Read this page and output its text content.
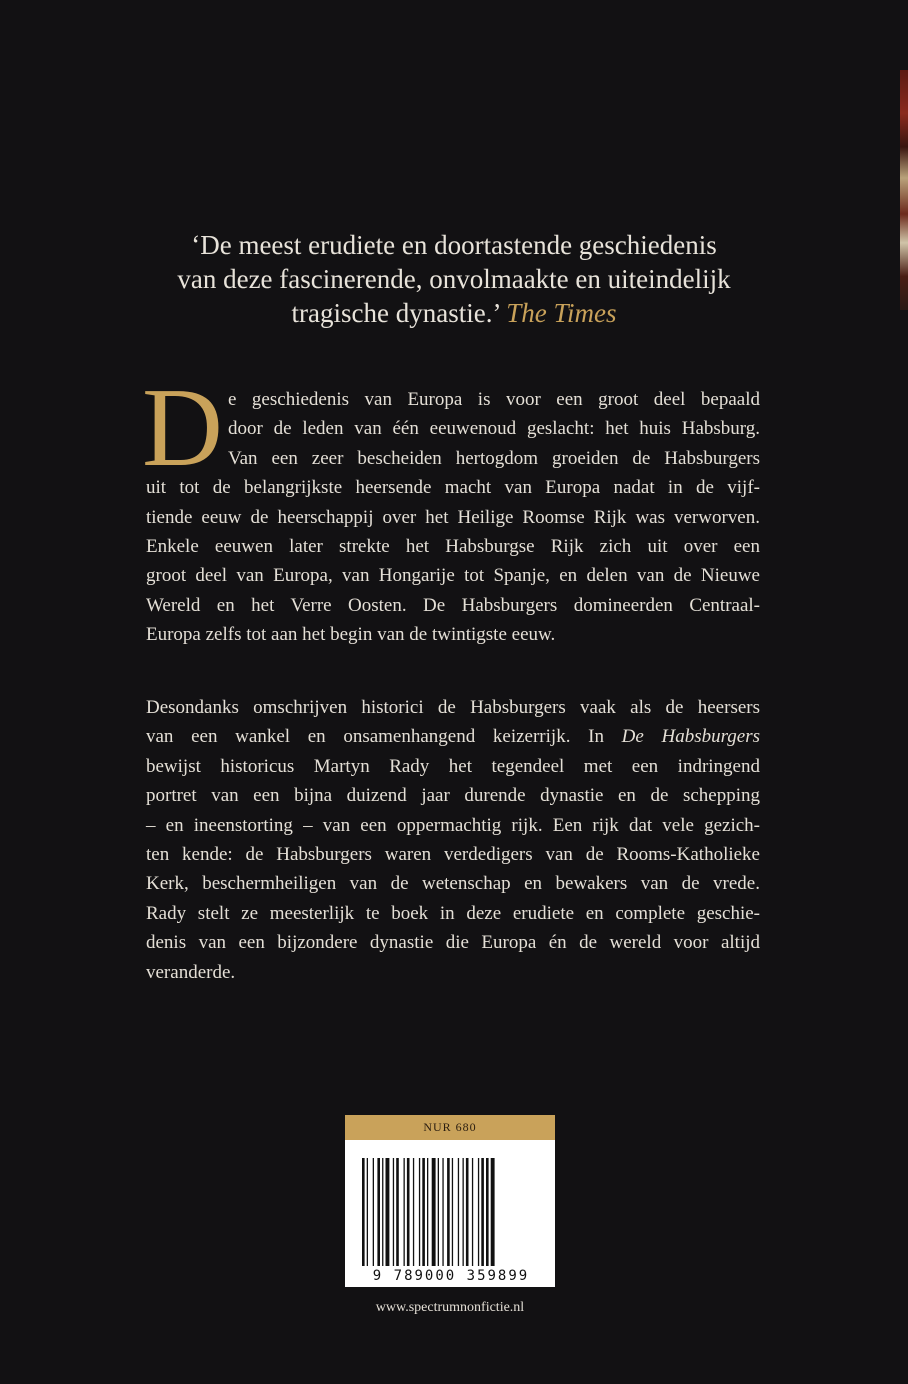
‘De meest erudiete en doortastende geschiedenis
van deze fascinerende, onvolmaakte en uiteindelijk
tragische dynastie.’ The Times
D e geschiedenis van Europa is voor een groot deel bepaald
door de leden van één eeuwenoud geslacht: het huis Habsburg.
Van een zeer bescheiden hertogdom groeiden de Habsburgers
uit tot de belangrijkste heersende macht van Europa nadat in de vijf-
tiende eeuw de heerschappij over het Heilige Roomse Rijk was verworven.
Enkele eeuwen later strekte het Habsburgse Rijk zich uit over een
groot deel van Europa, van Hongarije tot Spanje, en delen van de Nieuwe
Wereld en het Verre Oosten. De Habsburgers domineerden Centraal-
Europa zelfs tot aan het begin van de twintigste eeuw.
Desondanks omschrijven historici de Habsburgers vaak als de heersers
van een wankel en onsamenhangend keizerrijk. In De Habsburgers
bewijst historicus Martyn Rady het tegendeel met een indringend
portret van een bijna duizend jaar durende dynastie en de schepping
– en ineenstorting – van een oppermachtig rijk. Een rijk dat vele gezich-
ten kende: de Habsburgers waren verdedigers van de Rooms-Katholieke
Kerk, beschermheiligen van de wetenschap en bewakers van de vrede.
Rady stelt ze meesterlijk te boek in deze erudiete en complete geschie-
denis van een bijzondere dynastie die Europa én de wereld voor altijd
veranderde.
NUR 680
9 789000 359899
www.spectrumnonfictie.nl
